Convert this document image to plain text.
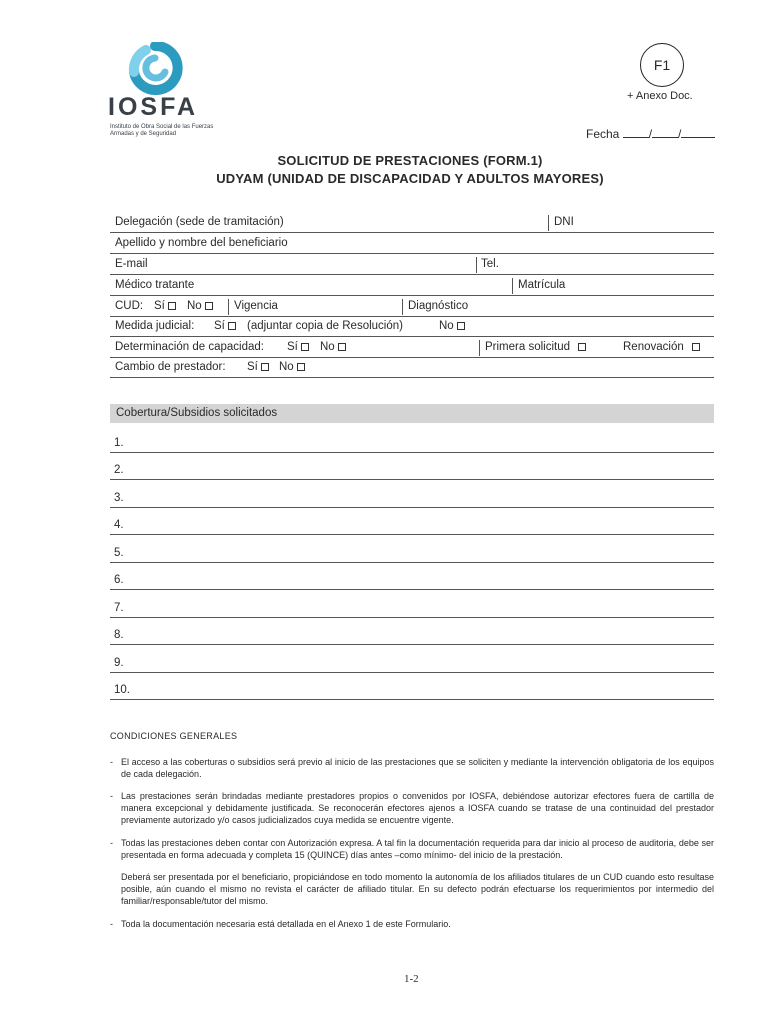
IOSFA
Instituto de Obra Social de las Fuerzas Armadas y de Seguridad
F1
+ Anexo Doc.
Fecha / /
SOLICITUD DE PRESTACIONES (FORM.1)
UDYAM (UNIDAD DE DISCAPACIDAD Y ADULTOS MAYORES)
Delegación (sede de tramitación)	DNI
Apellido y nombre del beneficiario
E-mail	Tel.
Médico tratante	Matrícula
CUD: Sí	No	Vigencia	Diagnóstico
Medida judicial: Sí	(adjuntar copia de Resolución)	No
Determinación de capacidad: Sí	No	Primera solicitud	Renovación
Cambio de prestador: Sí	No
Cobertura/Subsidios solicitados
1.
2.
3.
4.
5.
6.
7.
8.
9.
10.
CONDICIONES GENERALES
- El acceso a las coberturas o subsidios será previo al inicio de las prestaciones que se soliciten y mediante la intervención obligatoria de los equipos de cada delegación.
- Las prestaciones serán brindadas mediante prestadores propios o convenidos por IOSFA, debiéndose autorizar efectores fuera de cartilla de manera excepcional y debidamente justificada. Se reconocerán efectores ajenos a IOSFA cuando se tratase de una continuidad del prestador previamente autorizado y/o casos judicializados cuya medida se encuentre vigente.
- Todas las prestaciones deben contar con Autorización expresa. A tal fin la documentación requerida para dar inicio al proceso de auditoria, debe ser presentada en forma adecuada y completa 15 (QUINCE) días antes –como mínimo- del inicio de la prestación.
Deberá ser presentada por el beneficiario, propiciándose en todo momento la autonomía de los afiliados titulares de un CUD cuando esto resultase posible, aún cuando el mismo no revista el carácter de afiliado titular. En su defecto podrán efectuarse los requerimientos por intermedio del familiar/responsable/tutor del mismo.
- Toda la documentación necesaria está detallada en el Anexo 1 de este Formulario.
1-2
